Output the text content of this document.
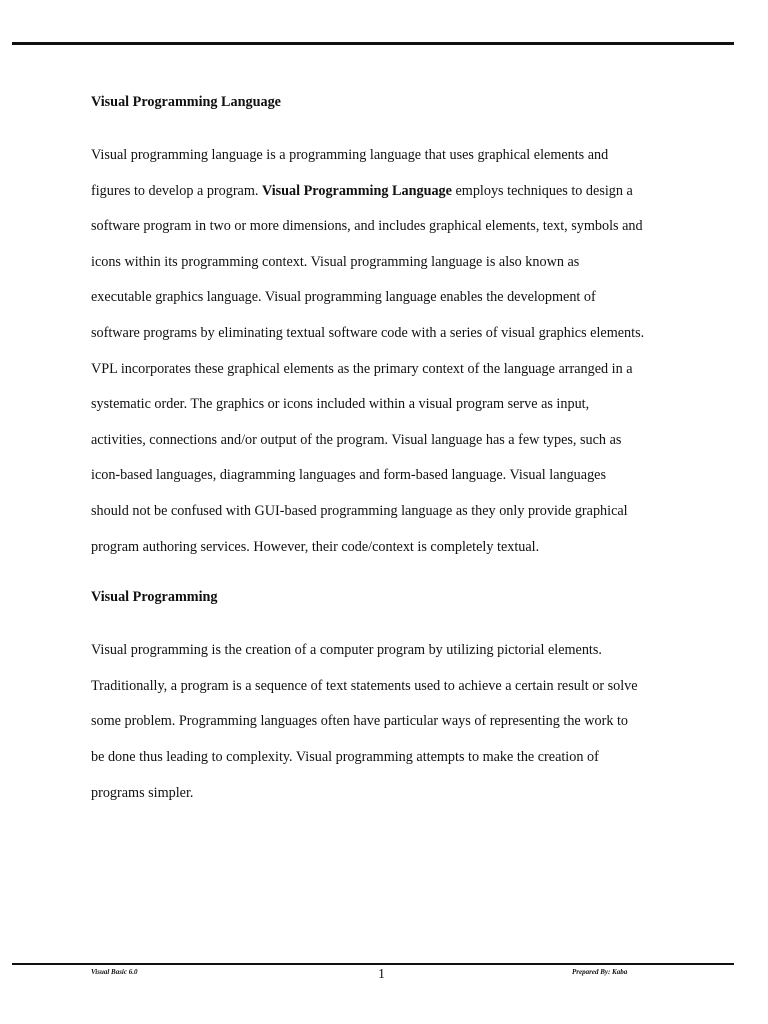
Visual Programming Language
Visual programming language is a programming language that uses graphical elements and
figures to develop a program. Visual Programming Language employs techniques to design a
software program in two or more dimensions, and includes graphical elements, text, symbols and
icons within its programming context. Visual programming language is also known as
executable graphics language. Visual programming language enables the development of
software programs by eliminating textual software code with a series of visual graphics elements.
VPL incorporates these graphical elements as the primary context of the language arranged in a
systematic order. The graphics or icons included within a visual program serve as input,
activities, connections and/or output of the program. Visual language has a few types, such as
icon-based languages, diagramming languages and form-based language. Visual languages
should not be confused with GUI-based programming language as they only provide graphical
program authoring services. However, their code/context is completely textual.
Visual Programming
Visual programming is the creation of a computer program by utilizing pictorial elements.
Traditionally, a program is a sequence of text statements used to achieve a certain result or solve
some problem. Programming languages often have particular ways of representing the work to
be done thus leading to complexity. Visual programming attempts to make the creation of
programs simpler.
Visual Basic 6.0	1	Prepared By: Kaba
